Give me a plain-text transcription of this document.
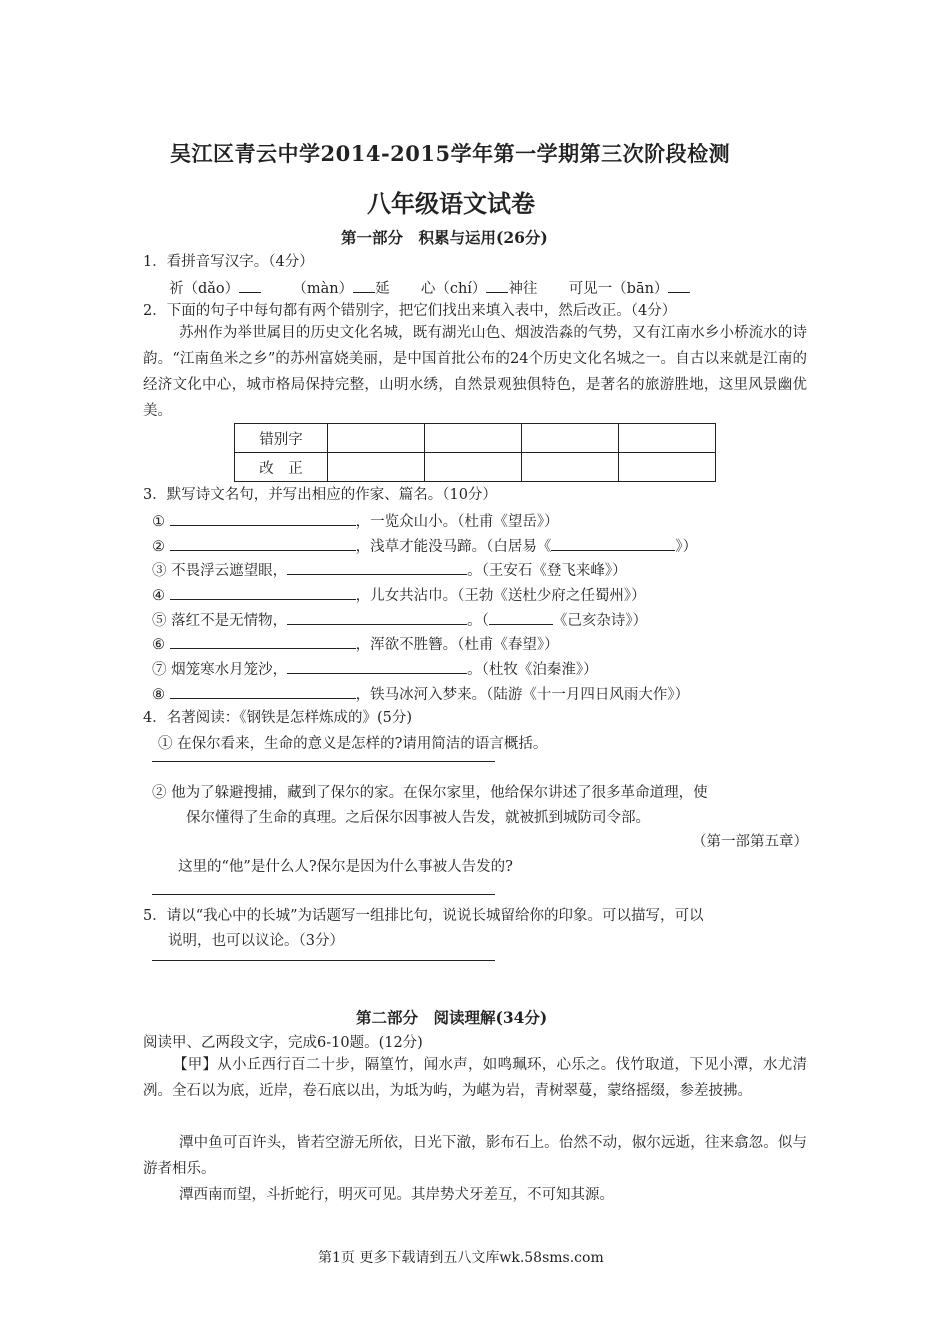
吴江区青云中学2014-2015学年第一学期第三次阶段检测
八年级语文试卷
第一部分　积累与运用(26分)
1．看拼音写汉字。（4分）
祈（dǎo）	（màn） 延 心（chí） 神往 可见一（bān）
2．下面的句子中每句都有两个错别字，把它们找出来填入表中，然后改正。（4分）
苏州作为举世属目的历史文化名城，既有湖光山色、烟波浩淼的气势，又有江南水乡小桥流水的诗韵。“江南鱼米之乡”的苏州富娆美丽，是中国首批公布的24个历史文化名城之一。自古以来就是江南的经济文化中心，城市格局保持完整，山明水绣，自然景观独俱特色，是著名的旅游胜地，这里风景幽优美。
错别字				
改　正				
3．默写诗文名句，并写出相应的作家、篇名。（10分）
①	，一览众山小。（杜甫《望岳》）
②	，浅草才能没马蹄。（白居易《	》）
③ 不畏浮云遮望眼，	。（王安石《登飞来峰》）
④	，儿女共沾巾。（王勃《送杜少府之任蜀州》）
⑤ 落红不是无情物，	。（	《己亥杂诗》）
⑥	，浑欲不胜簪。（杜甫《春望》）
⑦ 烟笼寒水月笼沙，	。（杜牧《泊秦淮》）
⑧	，铁马冰河入梦来。（陆游《十一月四日风雨大作》）
4．名著阅读：《钢铁是怎样炼成的》(5分)
① 在保尔看来，生命的意义是怎样的?请用简洁的语言概括。
② 他为了躲避搜捕，藏到了保尔的家。在保尔家里，他给保尔讲述了很多革命道理，使
保尔懂得了生命的真理。之后保尔因事被人告发，就被抓到城防司令部。
（第一部第五章）
这里的“他”是什么人?保尔是因为什么事被人告发的?
5．请以“我心中的长城”为话题写一组排比句，说说长城留给你的印象。可以描写，可以
说明，也可以议论。（3分）
第二部分　阅读理解(34分)
阅读甲、乙两段文字，完成6-10题。(12分)
【甲】从小丘西行百二十步，隔篁竹，闻水声，如鸣珮环，心乐之。伐竹取道，下见小潭，水尤清冽。全石以为底，近岸，卷石底以出，为坻为屿，为嵁为岩，青树翠蔓，蒙络摇缀，参差披拂。
潭中鱼可百许头，皆若空游无所依，日光下澈，影布石上。佁然不动，俶尔远逝，往来翕忽。似与游者相乐。
潭西南而望，斗折蛇行，明灭可见。其岸势犬牙差互，不可知其源。
第1页 更多下载请到五八文库wk.58sms.com
